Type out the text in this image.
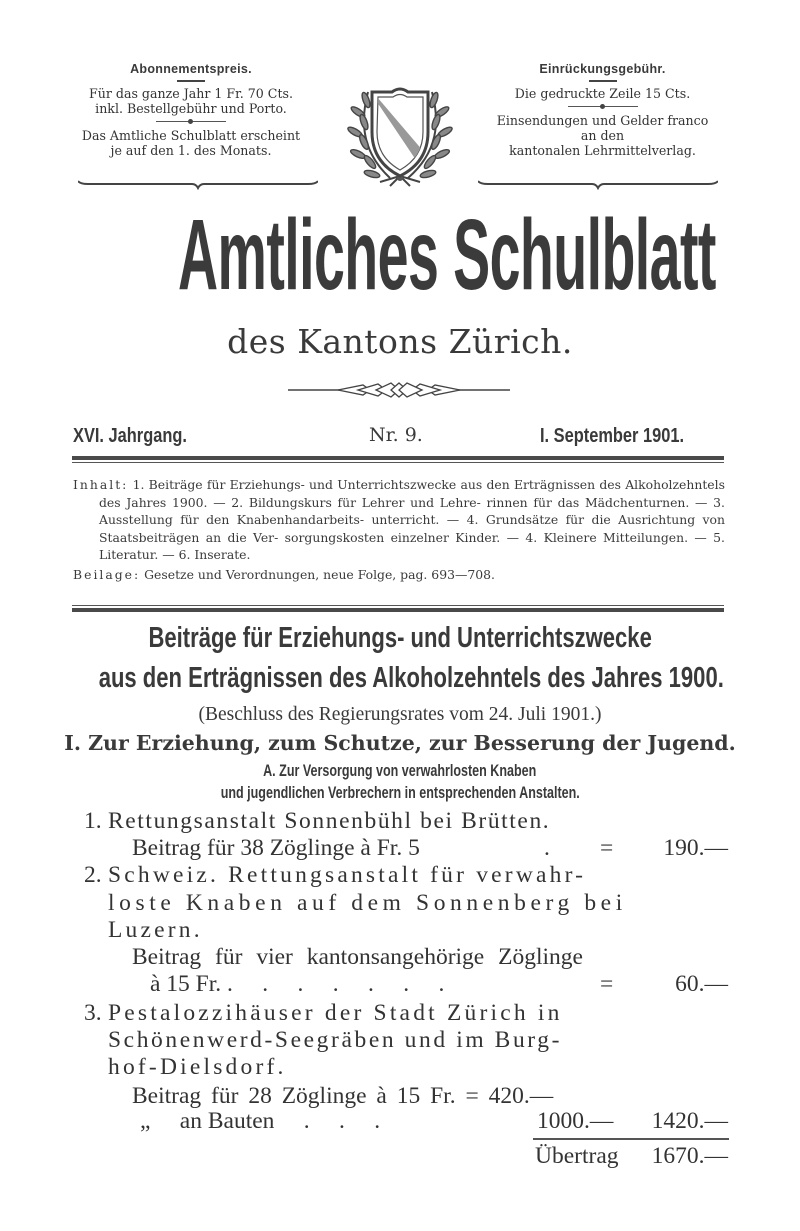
Abonnementspreis.
Für das ganze Jahr 1 Fr. 70 Cts.
inkl. Bestellgebühr und Porto.
Das Amtliche Schulblatt erscheint
je auf den 1. des Monats.
Einrückungsgebühr.
Die gedruckte Zeile 15 Cts.
Einsendungen und Gelder franco
an den
kantonalen Lehrmittelverlag.
Amtliches Schulblatt
des Kantons Zürich.
XVI. Jahrgang.	Nr. 9.	I. September 1901.
Inhalt: 1. Beiträge für Erziehungs- und Unterrichtszwecke aus den Erträgnissen des Alkoholzehntels des Jahres 1900. — 2. Bildungskurs für Lehrer und Lehre- rinnen für das Mädchenturnen. — 3. Ausstellung für den Knabenhandarbeits- unterricht. — 4. Grundsätze für die Ausrichtung von Staatsbeiträgen an die Ver- sorgungskosten einzelner Kinder. — 4. Kleinere Mitteilungen. — 5. Literatur. — 6. Inserate.
Beilage: Gesetze und Verordnungen, neue Folge, pag. 693—708.
Beiträge für Erziehungs- und Unterrichtszwecke
aus den Erträgnissen des Alkoholzehntels des Jahres 1900.
(Beschluss des Regierungsrates vom 24. Juli 1901.)
I. Zur Erziehung, zum Schutze, zur Besserung der Jugend.
A. Zur Versorgung von verwahrlosten Knaben
und jugendlichen Verbrechern in entsprechenden Anstalten.
1. Rettungsanstalt Sonnenbühl bei Brütten.
Beitrag für 38 Zöglinge à Fr. 5	. = 190.—
2. Schweiz. Rettungsanstalt für verwahr-
loste Knaben auf dem Sonnenberg bei
Luzern.
Beitrag für vier kantonsangehörige Zöglinge
à 15 Fr. .     .     .     .     .     .     .	=	60.—
3. Pestalozzihäuser der Stadt Zürich in
Schönenwerd-Seegräben und im Burg-
hof-Dielsdorf.
Beitrag für 28 Zöglinge à 15 Fr. = 420.—
„     an Bauten     .     .     .	1000.— 1420.—
Übertrag 1670.—
